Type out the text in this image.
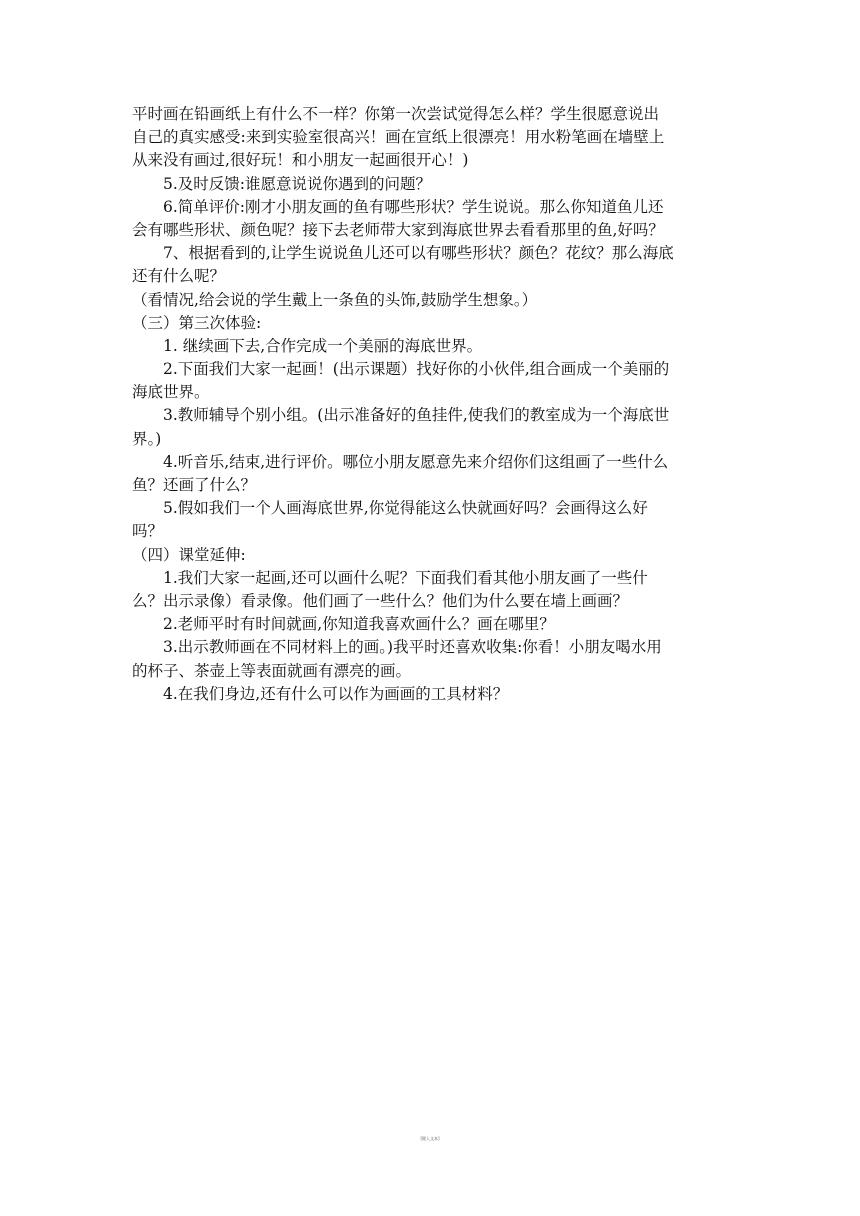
平时画在铅画纸上有什么不一样？你第一次尝试觉得怎么样？学生很愿意说出
自己的真实感受:来到实验室很高兴！画在宣纸上很漂亮！用水粉笔画在墙壁上
从来没有画过,很好玩！和小朋友一起画很开心！)
5.及时反馈:谁愿意说说你遇到的问题？
6.简单评价:刚才小朋友画的鱼有哪些形状？学生说说。那么你知道鱼儿还
会有哪些形状、颜色呢？接下去老师带大家到海底世界去看看那里的鱼,好吗？
7、根据看到的,让学生说说鱼儿还可以有哪些形状？颜色？花纹？那么海底
还有什么呢？
（看情况,给会说的学生戴上一条鱼的头饰,鼓励学生想象。）
（三）第三次体验:
1. 继续画下去,合作完成一个美丽的海底世界。
2.下面我们大家一起画！(出示课题）找好你的小伙伴,组合画成一个美丽的
海底世界。
3.教师辅导个别小组。(出示准备好的鱼挂件,使我们的教室成为一个海底世
界。)
4.听音乐,结束,进行评价。哪位小朋友愿意先来介绍你们这组画了一些什么
鱼？还画了什么？
5.假如我们一个人画海底世界,你觉得能这么快就画好吗？会画得这么好
吗？
（四）课堂延伸:
1.我们大家一起画,还可以画什么呢？下面我们看其他小朋友画了一些什
么？出示录像）看录像。他们画了一些什么？他们为什么要在墙上画画？
2.老师平时有时间就画,你知道我喜欢画什么？画在哪里？
3.出示教师画在不同材料上的画。)我平时还喜欢收集:你看！小朋友喝水用
的杯子、茶壶上等表面就画有漂亮的画。
4.在我们身边,还有什么可以作为画画的工具材料？
[键入文本]
